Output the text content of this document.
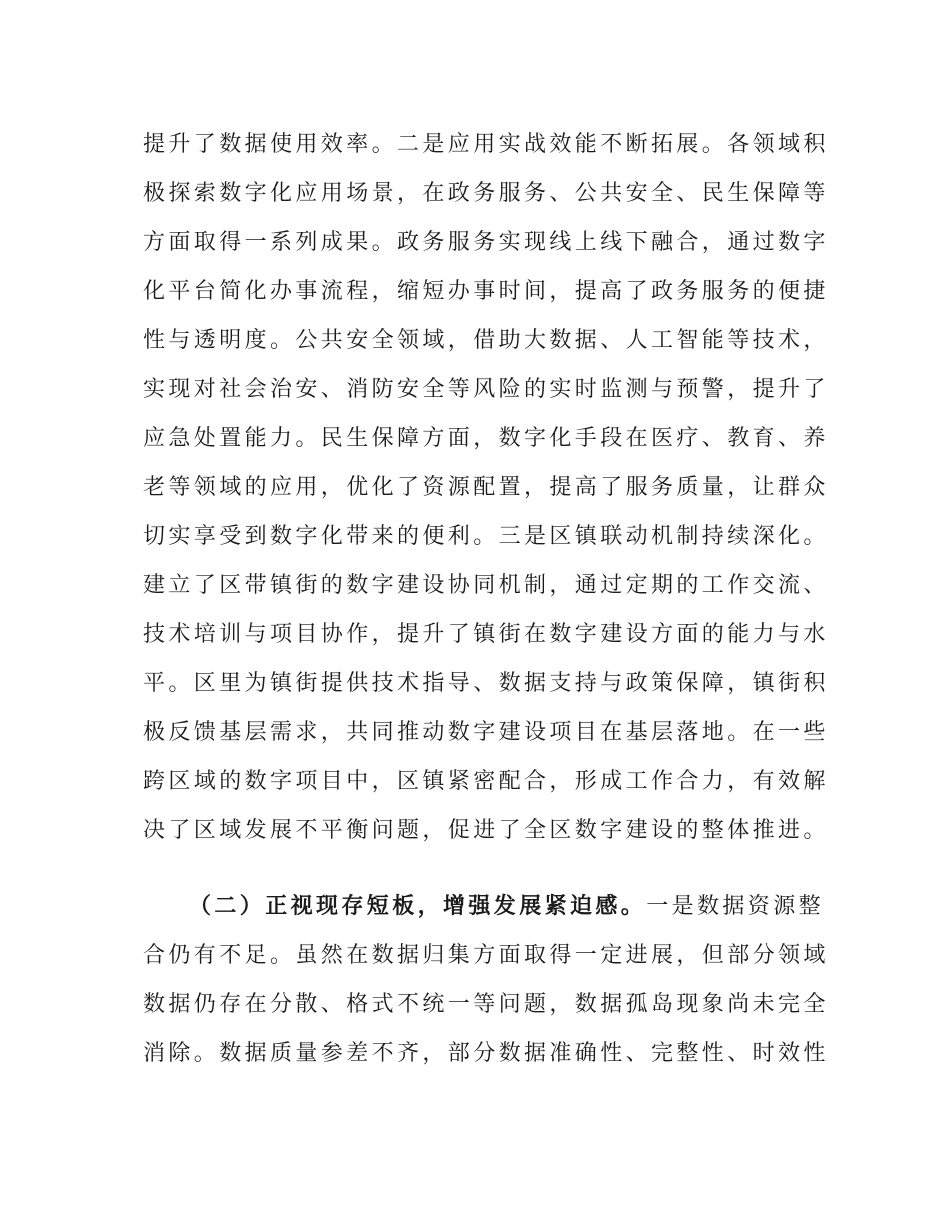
提升了数据使用效率。二是应用实战效能不断拓展。各领域积
极探索数字化应用场景，在政务服务、公共安全、民生保障等
方面取得一系列成果。政务服务实现线上线下融合，通过数字
化平台简化办事流程，缩短办事时间，提高了政务服务的便捷
性与透明度。公共安全领域，借助大数据、人工智能等技术，
实现对社会治安、消防安全等风险的实时监测与预警，提升了
应急处置能力。民生保障方面，数字化手段在医疗、教育、养
老等领域的应用，优化了资源配置，提高了服务质量，让群众
切实享受到数字化带来的便利。三是区镇联动机制持续深化。
建立了区带镇街的数字建设协同机制，通过定期的工作交流、
技术培训与项目协作，提升了镇街在数字建设方面的能力与水
平。区里为镇街提供技术指导、数据支持与政策保障，镇街积
极反馈基层需求，共同推动数字建设项目在基层落地。在一些
跨区域的数字项目中，区镇紧密配合，形成工作合力，有效解
决了区域发展不平衡问题，促进了全区数字建设的整体推进。
（二）正视现存短板，增强发展紧迫感。一是数据资源整
合仍有不足。虽然在数据归集方面取得一定进展，但部分领域
数据仍存在分散、格式不统一等问题，数据孤岛现象尚未完全
消除。数据质量参差不齐，部分数据准确性、完整性、时效性
